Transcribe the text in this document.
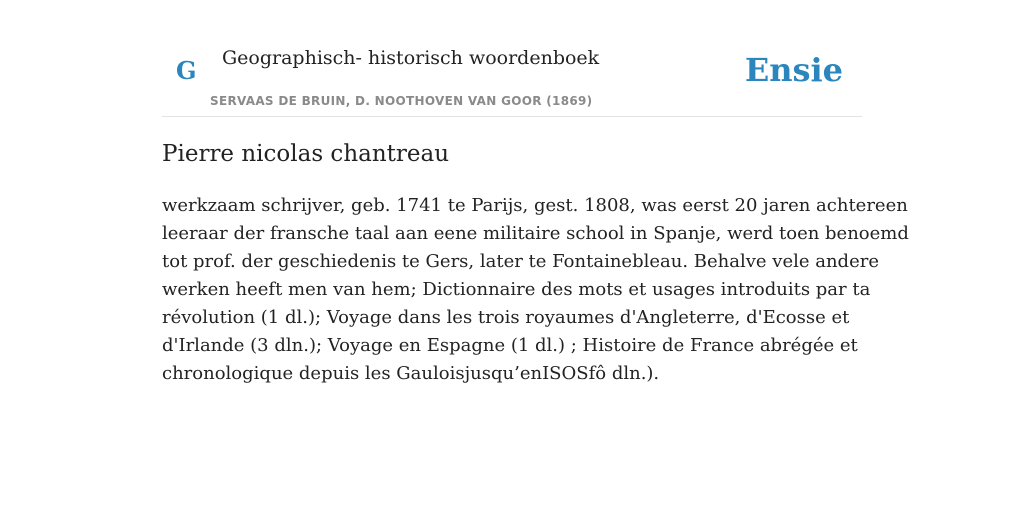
G Geographisch- historisch woordenboek
SERVAAS DE BRUIN, D. NOOTHOVEN VAN GOOR (1869)
Ensie
Pierre nicolas chantreau

werkzaam schrijver, geb. 1741 te Parijs, gest. 1808, was eerst 20 jaren achtereen
leeraar der fransche taal aan eene militaire school in Spanje, werd toen benoemd
tot prof. der geschiedenis te Gers, later te Fontainebleau. Behalve vele andere
werken heeft men van hem; Dictionnaire des mots et usages introduits par ta
révolution (1 dl.); Voyage dans les trois royaumes d'Angleterre, d'Ecosse et
d'Irlande (3 dln.); Voyage en Espagne (1 dl.) ; Histoire de France abrégée et
chronologique depuis les Gauloisjusqu’enISOSfô dln.).
